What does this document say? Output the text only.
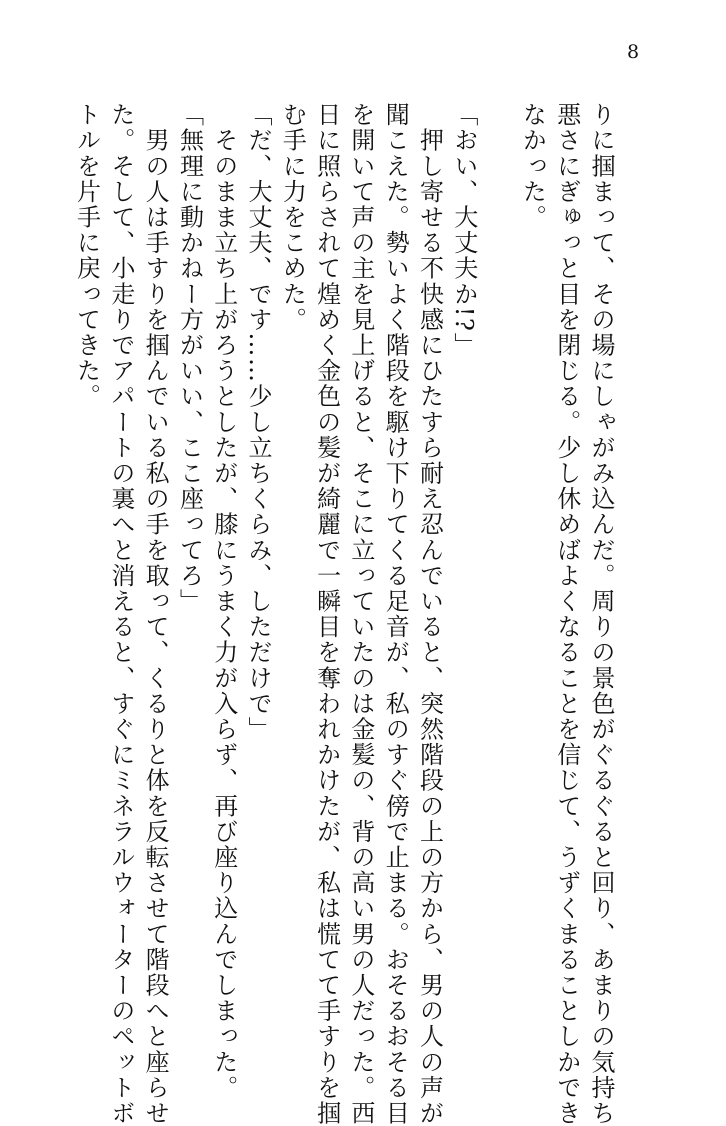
8
りに掴まって、その場にしゃがみ込んだ。周りの景色がぐるぐると回り、あまりの気持ち
悪さにぎゅっと目を閉じる。少し休めばよくなることを信じて、うずくまることしかでき
なかった。

「おい、大丈夫か!?」
　押し寄せる不快感にひたすら耐え忍んでいると、突然階段の上の方から、男の人の声が
聞こえた。勢いよく階段を駆け下りてくる足音が、私のすぐ傍で止まる。おそるおそる目
を開いて声の主を見上げると、そこに立っていたのは金髪の、背の高い男の人だった。西
日に照らされて煌めく金色の髪が綺麗で一瞬目を奪われかけたが、私は慌てて手すりを掴
む手に力をこめた。
「だ、大丈夫、です……少し立ちくらみ、しただけで」
　そのまま立ち上がろうとしたが、膝にうまく力が入らず、再び座り込んでしまった。
「無理に動かねー方がいい、ここ座ってろ」
　男の人は手すりを掴んでいる私の手を取って、くるりと体を反転させて階段へと座らせ
た。そして、小走りでアパートの裏へと消えると、すぐにミネラルウォーターのペットボ
トルを片手に戻ってきた。
